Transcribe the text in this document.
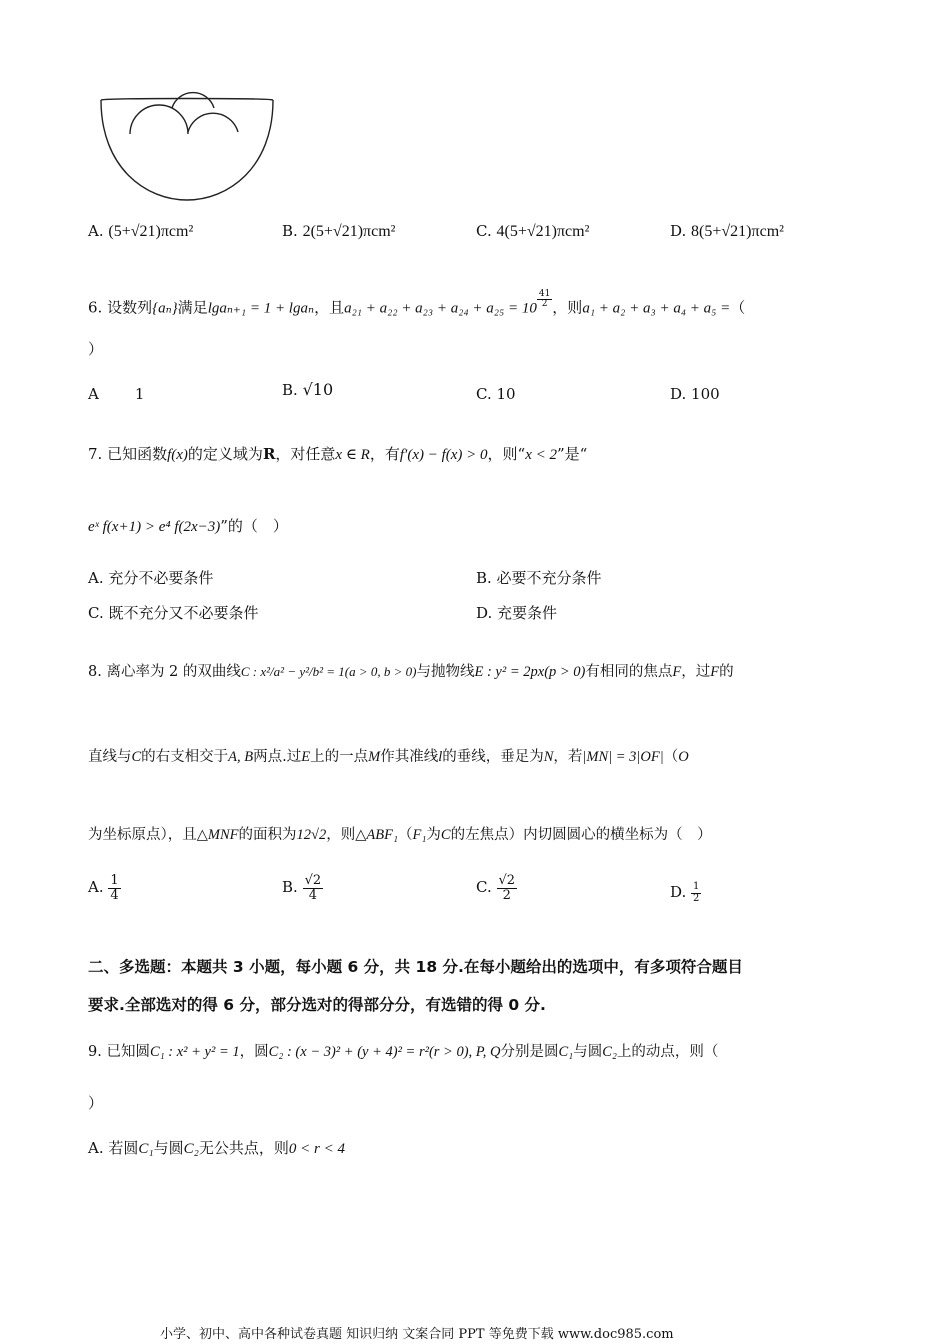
A. (5+√21)πcm²	B. 2(5+√21)πcm²	C. 4(5+√21)πcm²	D. 8(5+√21)πcm²
6. 设数列{aₙ}满足lgaₙ₊₁ = 1 + lgaₙ，且$a_{21} + a_{22} + a_{23} + a_{24} + a_{25} = 10 \frac{41}{2}$ ，则a₁ + a₂ + a₃ + a₄ + a₅ =（
）
A 1	B. √10	C. 10	D. 100
7. 已知函数f(x)的定义域为R，对任意x ∈ R，有f′(x) − f(x) > 0，则“x < 2”是“
eˣ f(x+1) > e⁴ f(2x−3)”的（　）
A. 充分不必要条件	B. 必要不充分条件
C. 既不充分又不必要条件	D. 充要条件
8. 离心率为 2 的双曲线C : x²/a² − y²/b² = 1(a > 0, b > 0)与抛物线E : y² = 2px(p > 0)有相同的焦点F，过F的
直线与C的右支相交于A, B两点.过E上的一点M作其准线l的垂线，垂足为N，若|MN| = 3|OF|（O
为坐标原点），且△MNF的面积为12√2，则△ABF₁（F₁为C的左焦点）内切圆圆心的横坐标为（　）
A. $\frac{1}{4}$	B. $\frac{√2}{4}$	C. $\frac{√2}{2}$	D. $\frac{1}{2}$
二、多选题：本题共 3 小题，每小题 6 分，共 18 分.在每小题给出的选项中，有多项符合题目
要求.全部选对的得 6 分，部分选对的得部分分，有选错的得 0 分.
9. 已知圆C₁ : x² + y² = 1，圆C₂ : (x − 3)² + (y + 4)² = r²(r > 0), P, Q分别是圆C₁与圆C₂上的动点，则（
）
A. 若圆C₁与圆C₂无公共点，则0 < r < 4
小学、初中、高中各种试卷真题 知识归纳 文案合同 PPT 等免费下载 www.doc985.com
